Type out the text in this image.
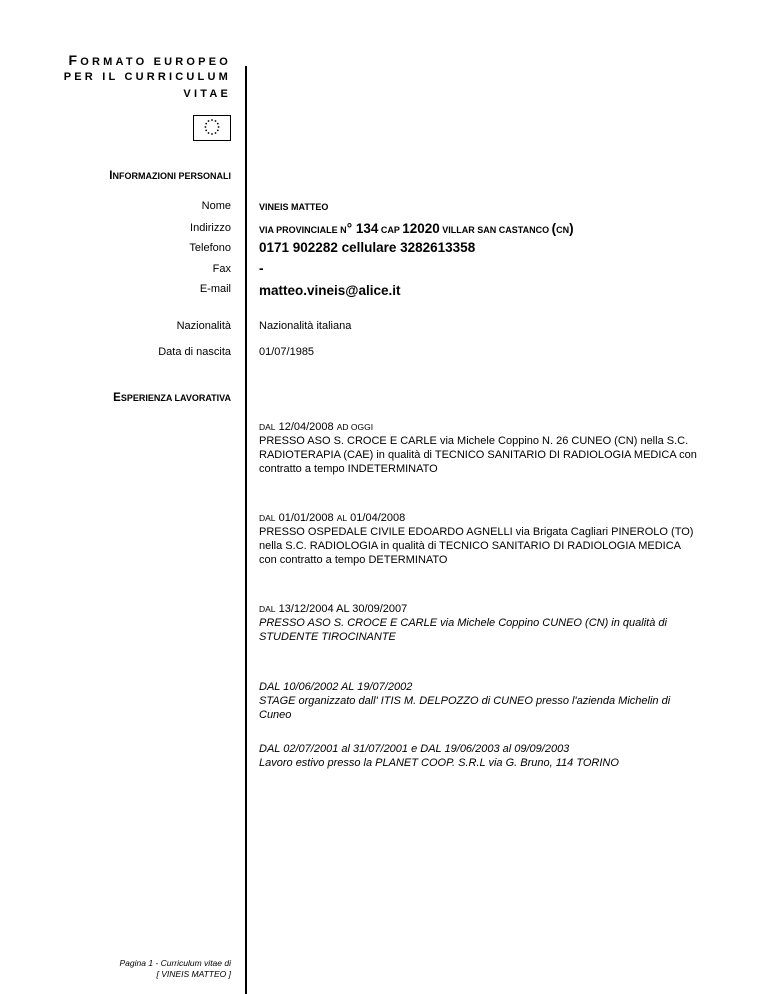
FORMATO EUROPEO
PER IL CURRICULUM
VITAE
INFORMAZIONI PERSONALI
Nome	VINEIS MATTEO
Indirizzo	VIA PROVINCIALE N° 134 CAP 12020 VILLAR SAN CASTANCO (CN)
Telefono 0171 902282 cellulare 3282613358
Fax -
E-mail matteo.vineis@alice.it
Nazionalità	Nazionalità italiana
Data di nascita	01/07/1985
ESPERIENZA LAVORATIVA
DAL 12/04/2008 AD OGGI
PRESSO ASO S. CROCE E CARLE via Michele Coppino N. 26 CUNEO (CN) nella S.C. RADIOTERAPIA (CAE) in qualità di TECNICO SANITARIO DI RADIOLOGIA MEDICA con contratto a tempo INDETERMINATO
DAL 01/01/2008 AL 01/04/2008
PRESSO OSPEDALE CIVILE EDOARDO AGNELLI via Brigata Cagliari PINEROLO (TO) nella S.C. RADIOLOGIA in qualità di TECNICO SANITARIO DI RADIOLOGIA MEDICA con contratto a tempo DETERMINATO
DAL 13/12/2004 AL 30/09/2007
PRESSO ASO S. CROCE E CARLE via Michele Coppino CUNEO (CN) in qualità di STUDENTE TIROCINANTE
DAL 10/06/2002 AL 19/07/2002
STAGE organizzato dall' ITIS M. DELPOZZO di CUNEO presso l'azienda Michelin di Cuneo
DAL 02/07/2001 al 31/07/2001 e DAL 19/06/2003 al 09/09/2003
Lavoro estivo presso la PLANET COOP. S.R.L via G. Bruno, 114 TORINO
Pagina 1 - Curriculum vitae di
[ VINEIS MATTEO ]
